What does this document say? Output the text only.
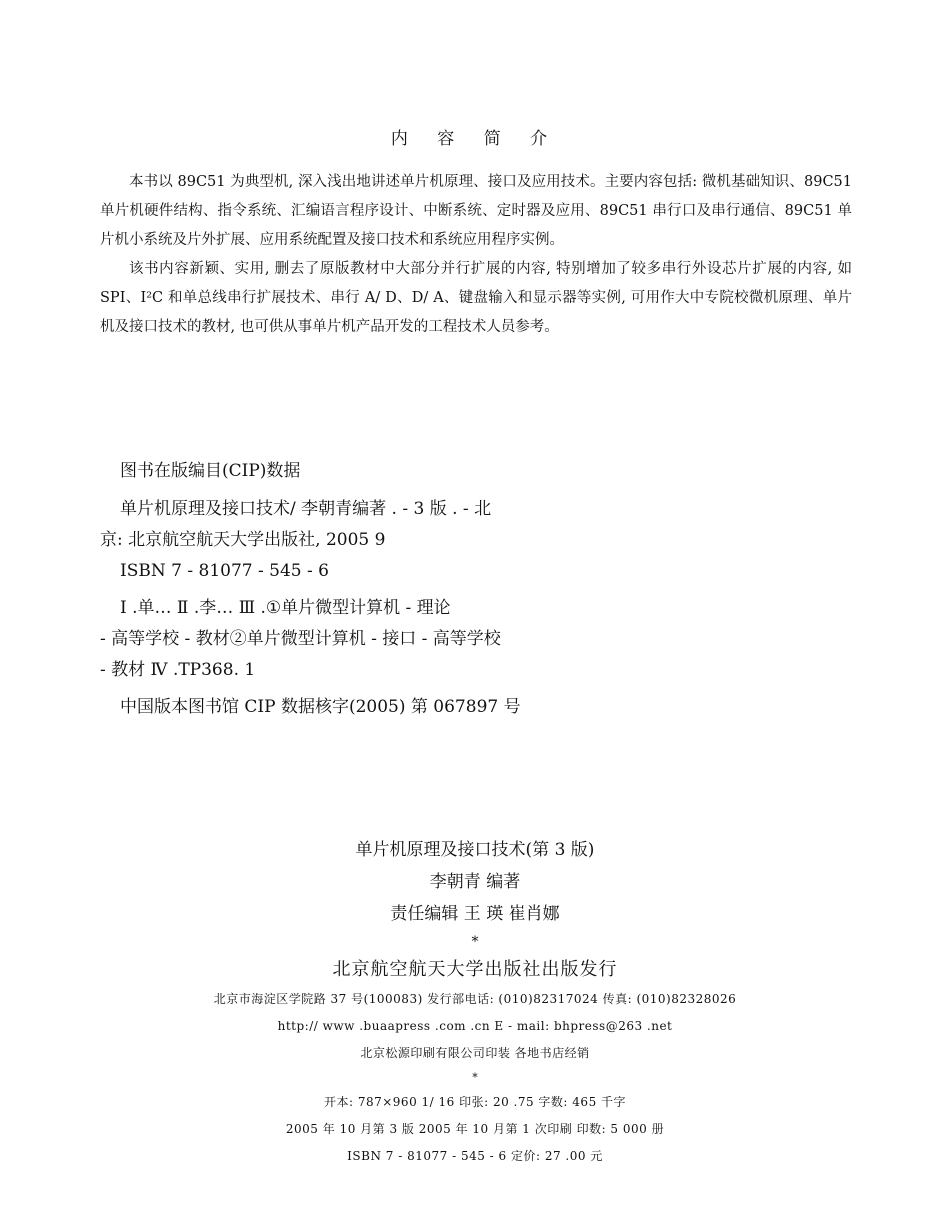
内 容 简 介

本书以 89C51 为典型机, 深入浅出地讲述单片机原理、接口及应用技术。主要内容包括: 微机基础知识、89C51 单片机硬件结构、指令系统、汇编语言程序设计、中断系统、定时器及应用、89C51 串行口及串行通信、89C51 单片机小系统及片外扩展、应用系统配置及接口技术和系统应用程序实例。

该书内容新颖、实用, 删去了原版教材中大部分并行扩展的内容, 特别增加了较多串行外设芯片扩展的内容, 如 SPI、I²C 和单总线串行扩展技术、串行 A/ D、D/ A、键盘输入和显示器等实例, 可用作大中专院校微机原理、单片机及接口技术的教材, 也可供从事单片机产品开发的工程技术人员参考。

图书在版编目(CIP)数据
单片机原理及接口技术/ 李朝青编著 . - 3 版 . - 北
京: 北京航空航天大学出版社, 2005 9
ISBN 7 - 81077 - 545 - 6
Ⅰ .单… Ⅱ .李… Ⅲ .①单片微型计算机 - 理论
- 高等学校 - 教材②单片微型计算机 - 接口 - 高等学校
- 教材 Ⅳ .TP368. 1
中国版本图书馆 CIP 数据核字(2005) 第 067897 号
单片机原理及接口技术(第 3 版)
李朝青 编著
责任编辑 王 瑛 崔肖娜
*
北京航空航天大学出版社出版发行
北京市海淀区学院路 37 号(100083) 发行部电话: (010)82317024 传真: (010)82328026
http:// www .buaapress .com .cn E - mail: bhpress@263 .net
北京松源印刷有限公司印装 各地书店经销
*
开本: 787×960 1/ 16 印张: 20 .75 字数: 465 千字
2005 年 10 月第 3 版 2005 年 10 月第 1 次印刷 印数: 5 000 册
ISBN 7 - 81077 - 545 - 6 定价: 27 .00 元
